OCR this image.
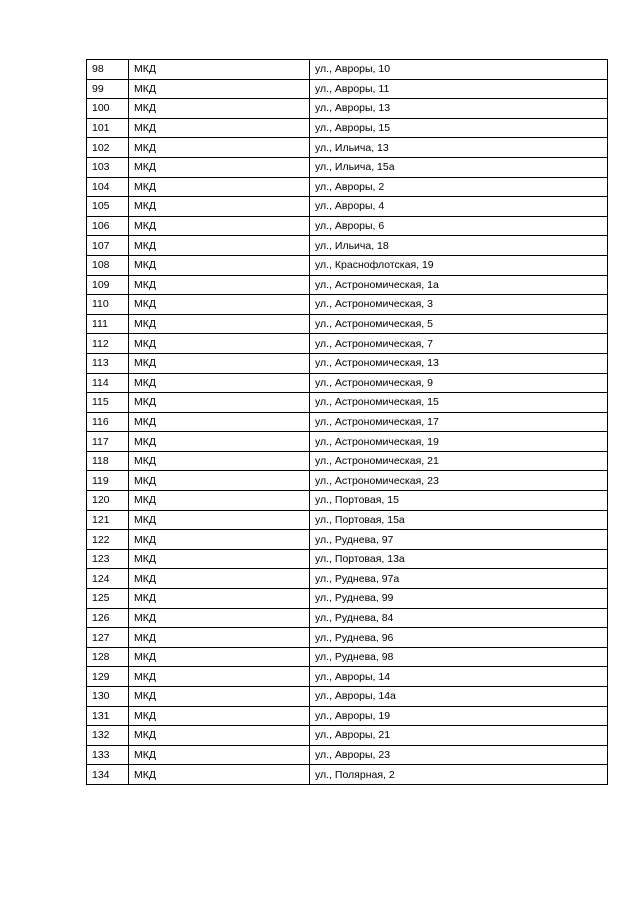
98	МКД	ул., Авроры, 10
99	МКД	ул., Авроры, 11
100	МКД	ул., Авроры, 13
101	МКД	ул., Авроры, 15
102	МКД	ул., Ильича, 13
103	МКД	ул., Ильича, 15а
104	МКД	ул., Авроры, 2
105	МКД	ул., Авроры, 4
106	МКД	ул., Авроры, 6
107	МКД	ул., Ильича, 18
108	МКД	ул., Краснофлотская, 19
109	МКД	ул., Астрономическая, 1а
110	МКД	ул., Астрономическая, 3
111	МКД	ул., Астрономическая, 5
112	МКД	ул., Астрономическая, 7
113	МКД	ул., Астрономическая, 13
114	МКД	ул., Астрономическая, 9
115	МКД	ул., Астрономическая, 15
116	МКД	ул., Астрономическая, 17
117	МКД	ул., Астрономическая, 19
118	МКД	ул., Астрономическая, 21
119	МКД	ул., Астрономическая, 23
120	МКД	ул., Портовая, 15
121	МКД	ул., Портовая, 15а
122	МКД	ул., Руднева, 97
123	МКД	ул., Портовая, 13а
124	МКД	ул., Руднева, 97а
125	МКД	ул., Руднева, 99
126	МКД	ул., Руднева, 84
127	МКД	ул., Руднева, 96
128	МКД	ул., Руднева, 98
129	МКД	ул., Авроры, 14
130	МКД	ул., Авроры, 14а
131	МКД	ул., Авроры, 19
132	МКД	ул., Авроры, 21
133	МКД	ул., Авроры, 23
134	МКД	ул., Полярная, 2
